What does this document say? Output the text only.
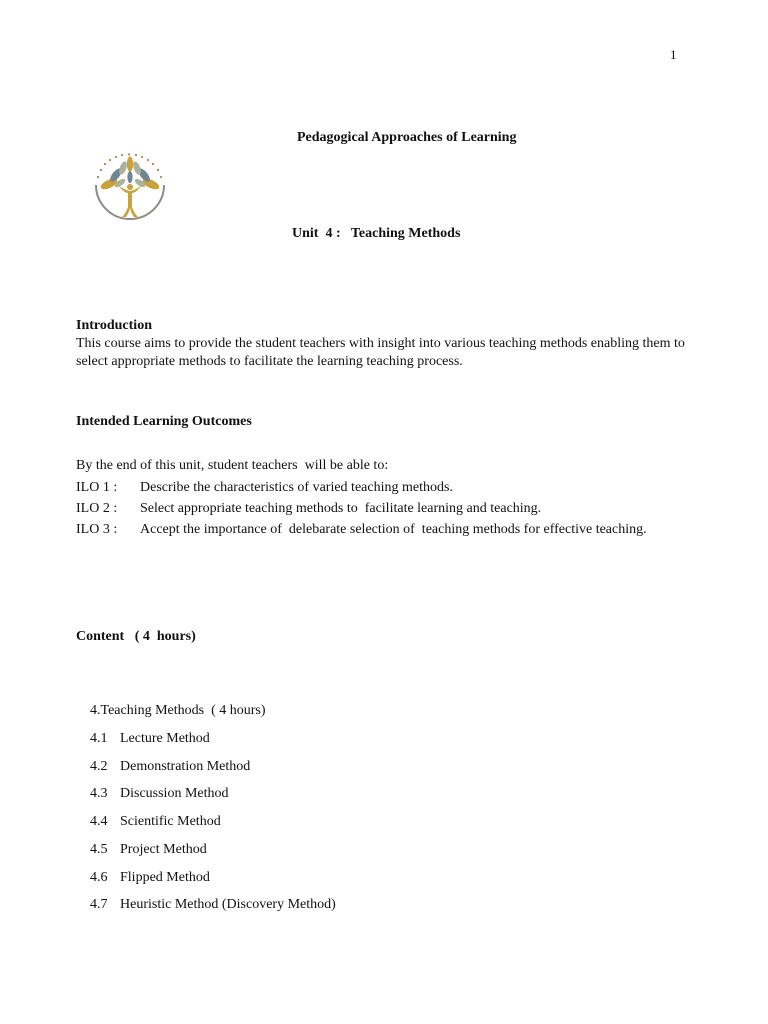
1
Pedagogical Approaches of Learning
Unit  4 :   Teaching Methods
Introduction
This course aims to provide the student teachers with insight into various teaching methods enabling them to select appropriate methods to facilitate the learning teaching process.
Intended Learning Outcomes
By the end of this unit, student teachers  will be able to:
ILO 1 : Describe the characteristics of varied teaching methods.
ILO 2 : Select appropriate teaching methods to  facilitate learning and teaching.
ILO 3 : Accept the importance of  delebarate selection of  teaching methods for effective teaching.
Content   ( 4  hours)
4.Teaching Methods  ( 4 hours)
4.1 Lecture Method
4.2 Demonstration Method
4.3 Discussion Method
4.4 Scientific Method
4.5 Project Method
4.6 Flipped Method
4.7 Heuristic Method (Discovery Method)
